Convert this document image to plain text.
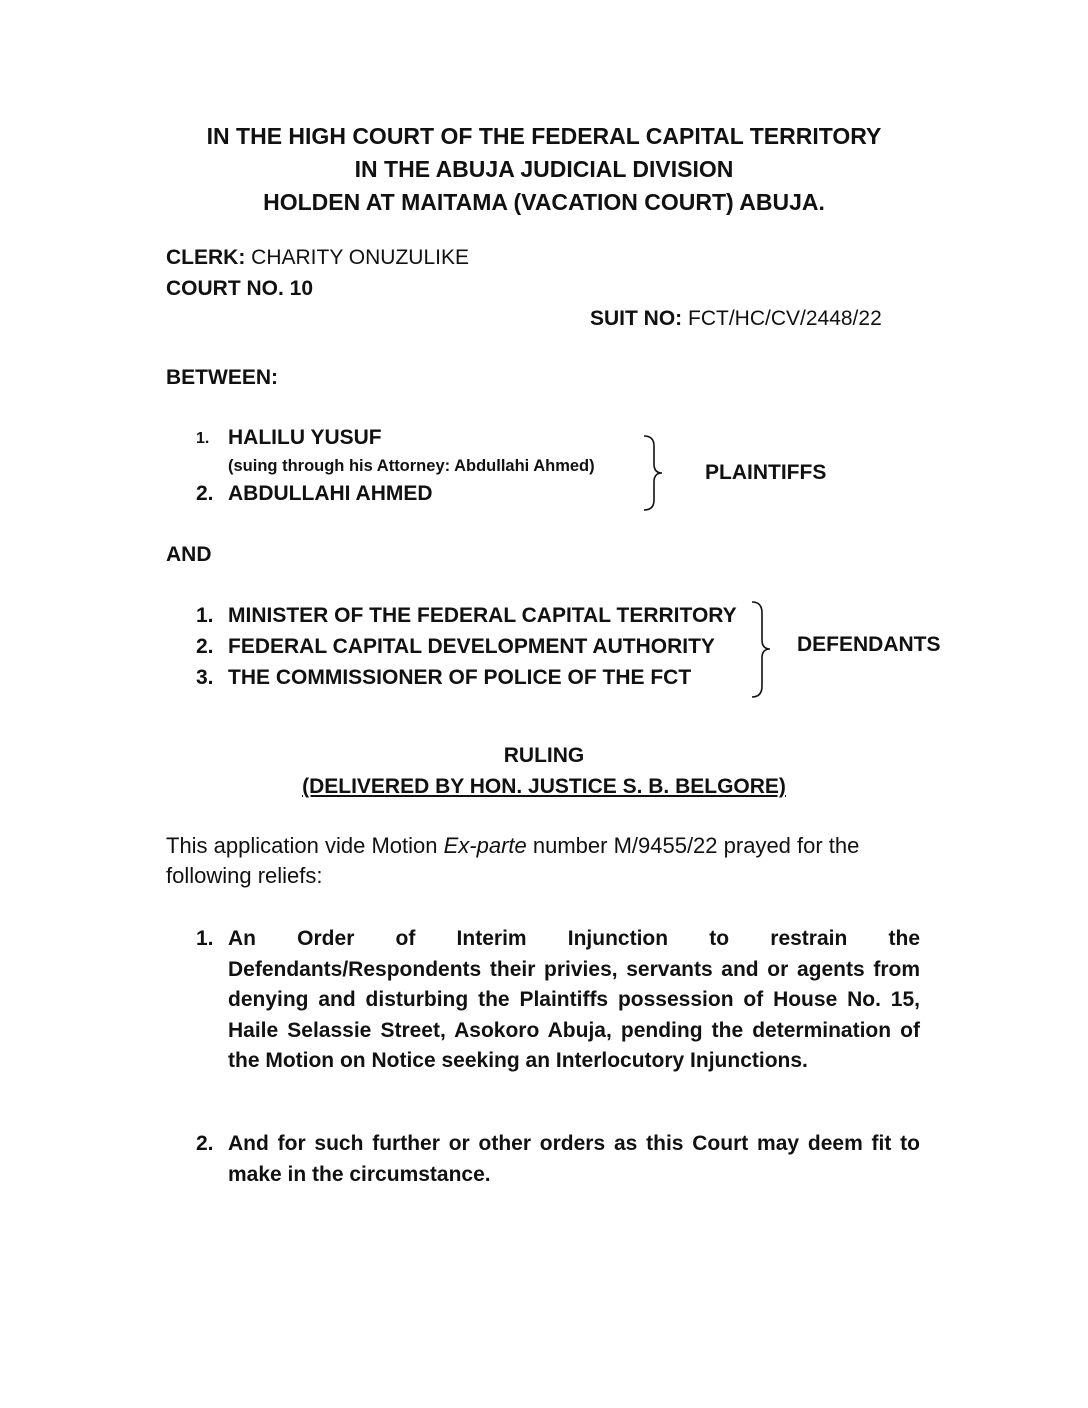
IN THE HIGH COURT OF THE FEDERAL CAPITAL TERRITORY
IN THE ABUJA JUDICIAL DIVISION
HOLDEN AT MAITAMA (VACATION COURT) ABUJA.
CLERK: CHARITY ONUZULIKE
COURT NO. 10
SUIT NO: FCT/HC/CV/2448/22
BETWEEN:
1. HALILU YUSUF
(suing through his Attorney: Abdullahi Ahmed)
2. ABDULLAHI AHMED
PLAINTIFFS
AND
1. MINISTER OF THE FEDERAL CAPITAL TERRITORY
2. FEDERAL CAPITAL DEVELOPMENT AUTHORITY
3. THE COMMISSIONER OF POLICE OF THE FCT
DEFENDANTS
RULING
(DELIVERED BY HON. JUSTICE S. B. BELGORE)
This application vide Motion Ex-parte number M/9455/22 prayed for the following reliefs:
1. An Order of Interim Injunction to restrain the Defendants/Respondents their privies, servants and or agents from denying and disturbing the Plaintiffs possession of House No. 15, Haile Selassie Street, Asokoro Abuja, pending the determination of the Motion on Notice seeking an Interlocutory Injunctions.
2. And for such further or other orders as this Court may deem fit to make in the circumstance.
